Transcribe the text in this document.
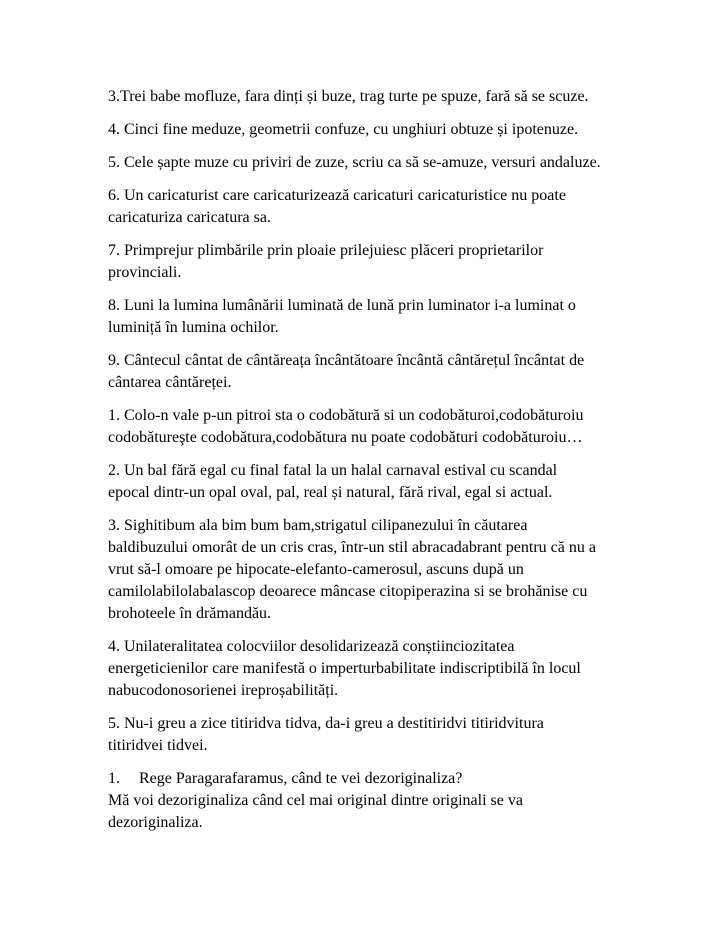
3.Trei babe mofluze, fara dinți și buze, trag turte pe spuze, fară să se scuze.
4. Cinci fine meduze, geometrii confuze, cu unghiuri obtuze și ipotenuze.
5. Cele șapte muze cu priviri de zuze, scriu ca să se-amuze, versuri andaluze.
6. Un caricaturist care caricaturizează caricaturi caricaturistice nu poate
caricaturiza caricatura sa.
7. Primprejur plimbările prin ploaie prilejuiesc plăceri proprietarilor
provinciali.
8. Luni la lumina lumânării luminată de lună prin luminator i-a luminat o
luminiță în lumina ochilor.
9. Cântecul cântat de cântăreața încântătoare încântă cântărețul încântat de
cântarea cântăreței.
1. Colo-n vale p-un pitroi sta o codobătură si un codobăturoi,codobăturoiu
codobătureşte codobătura,codobătura nu poate codobături codobăturoiu…
2. Un bal fără egal cu final fatal la un halal carnaval estival cu scandal
epocal dintr-un opal oval, pal, real și natural, fără rival, egal si actual.
3. Sighitibum ala bim bum bam,strigatul cilipanezului în căutarea
baldibuzului omorât de un cris cras, într-un stil abracadabrant pentru că nu a
vrut să-l omoare pe hipocate-elefanto-camerosul, ascuns după un
camilolabilolabalascop deoarece mâncase citopiperazina si se brohănise cu
brohoteele în drămandău.
4. Unilateralitatea colocviilor desolidarizează conștiinciozitatea
energeticienilor care manifestă o imperturbabilitate indiscriptibilă în locul
nabucodonosorienei ireproșabilități.
5. Nu-i greu a zice titiridva tidva, da-i greu a destitiridvi titiridvitura
titiridvei tidvei.
1. Rege Paragarafaramus, când te vei dezoriginaliza?
Mă voi dezoriginaliza când cel mai original dintre originali se va
dezoriginaliza.
